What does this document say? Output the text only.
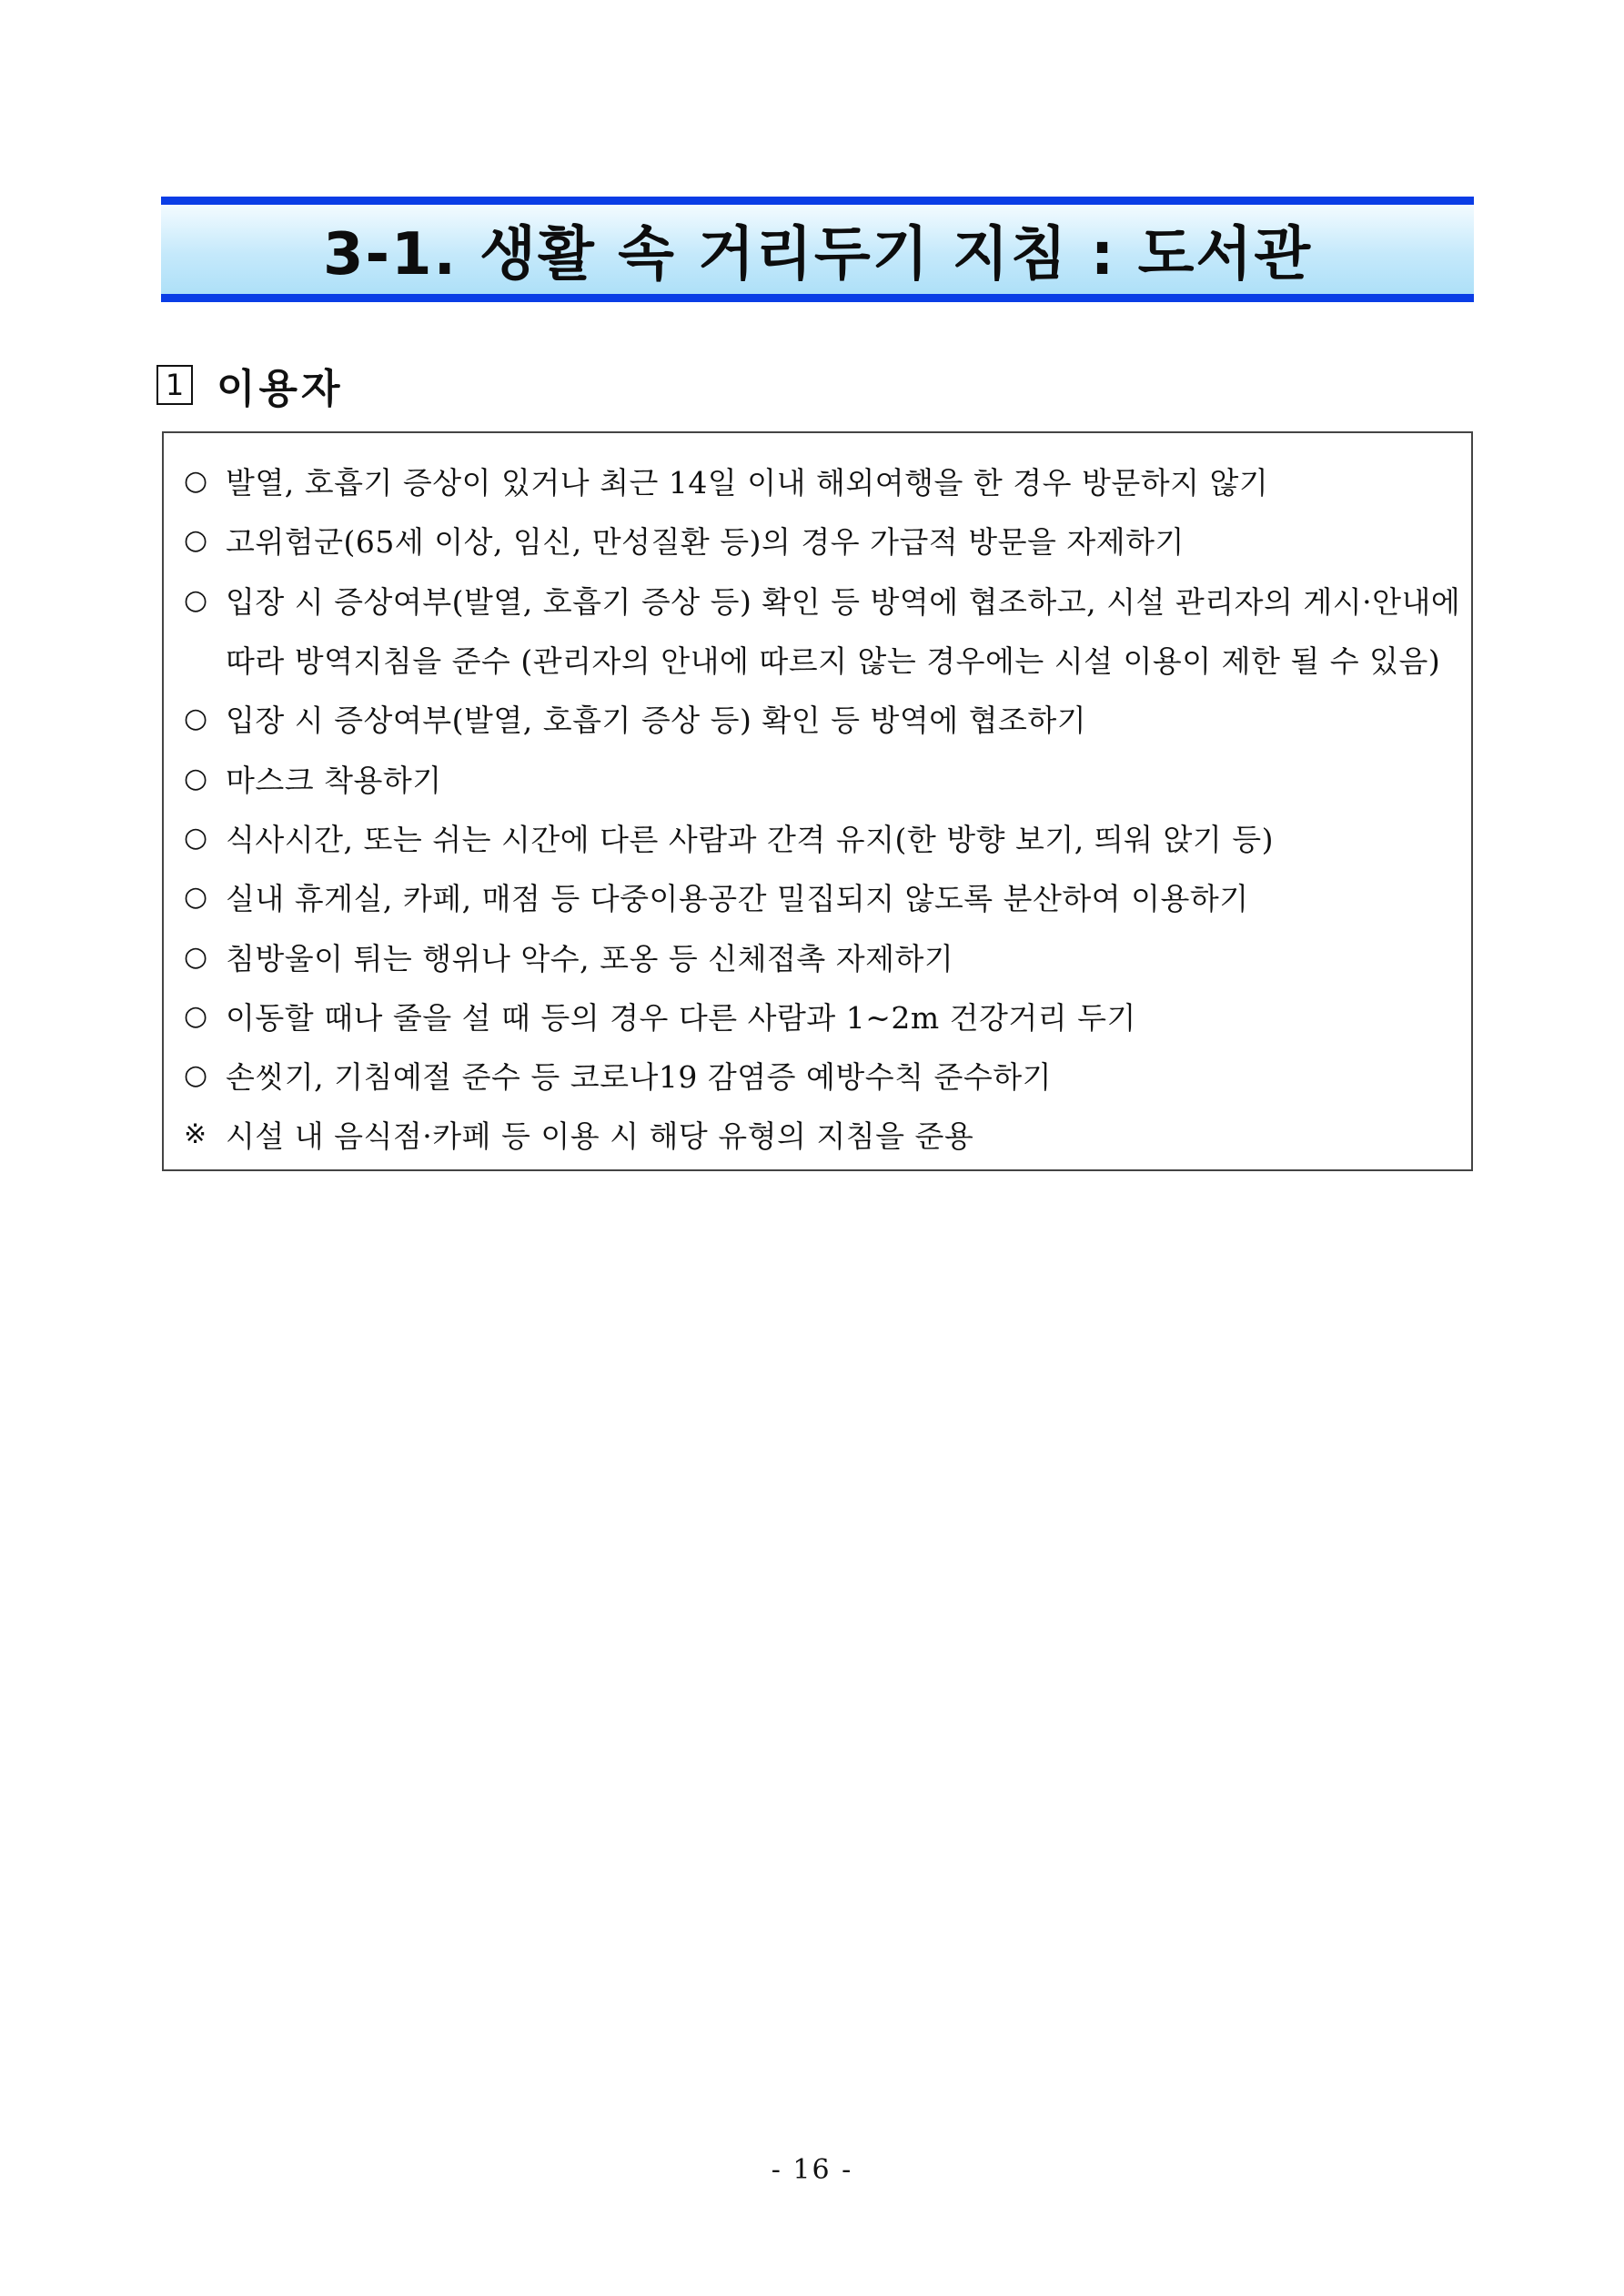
3-1. 생활 속 거리두기 지침 : 도서관
1 이용자
○ 발열, 호흡기 증상이 있거나 최근 14일 이내 해외여행을 한 경우 방문하지 않기
○ 고위험군(65세 이상, 임신, 만성질환 등)의 경우 가급적 방문을 자제하기
○ 입장 시 증상여부(발열, 호흡기 증상 등) 확인 등 방역에 협조하고, 시설 관리자의 게시·안내에
따라 방역지침을 준수 (관리자의 안내에 따르지 않는 경우에는 시설 이용이 제한 될 수 있음)
○ 입장 시 증상여부(발열, 호흡기 증상 등) 확인 등 방역에 협조하기
○ 마스크 착용하기
○ 식사시간, 또는 쉬는 시간에 다른 사람과 간격 유지(한 방향 보기, 띄워 앉기 등)
○ 실내 휴게실, 카페, 매점 등 다중이용공간 밀집되지 않도록 분산하여 이용하기
○ 침방울이 튀는 행위나 악수, 포옹 등 신체접촉 자제하기
○ 이동할 때나 줄을 설 때 등의 경우 다른 사람과 1~2m 건강거리 두기
○ 손씻기, 기침예절 준수 등 코로나19 감염증 예방수칙 준수하기
※ 시설 내 음식점·카페 등 이용 시 해당 유형의 지침을 준용
- 16 -
